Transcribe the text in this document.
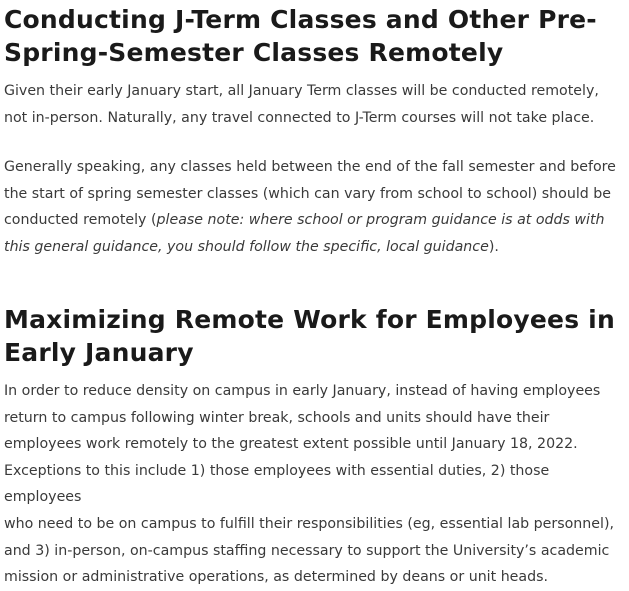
Conducting J-Term Classes and Other Pre-
Spring-Semester Classes Remotely

Given their early January start, all January Term classes will be conducted remotely,
not in-person. Naturally, any travel connected to J-Term courses will not take place.

Generally speaking, any classes held between the end of the fall semester and before
the start of spring semester classes (which can vary from school to school) should be
conducted remotely (please note: where school or program guidance is at odds with
this general guidance, you should follow the specific, local guidance).

Maximizing Remote Work for Employees in
Early January

In order to reduce density on campus in early January, instead of having employees
return to campus following winter break, schools and units should have their
employees work remotely to the greatest extent possible until January 18, 2022.
Exceptions to this include 1) those employees with essential duties, 2) those employees
who need to be on campus to fulfill their responsibilities (eg, essential lab personnel),
and 3) in-person, on-campus staffing necessary to support the University’s academic
mission or administrative operations, as determined by deans or unit heads.
